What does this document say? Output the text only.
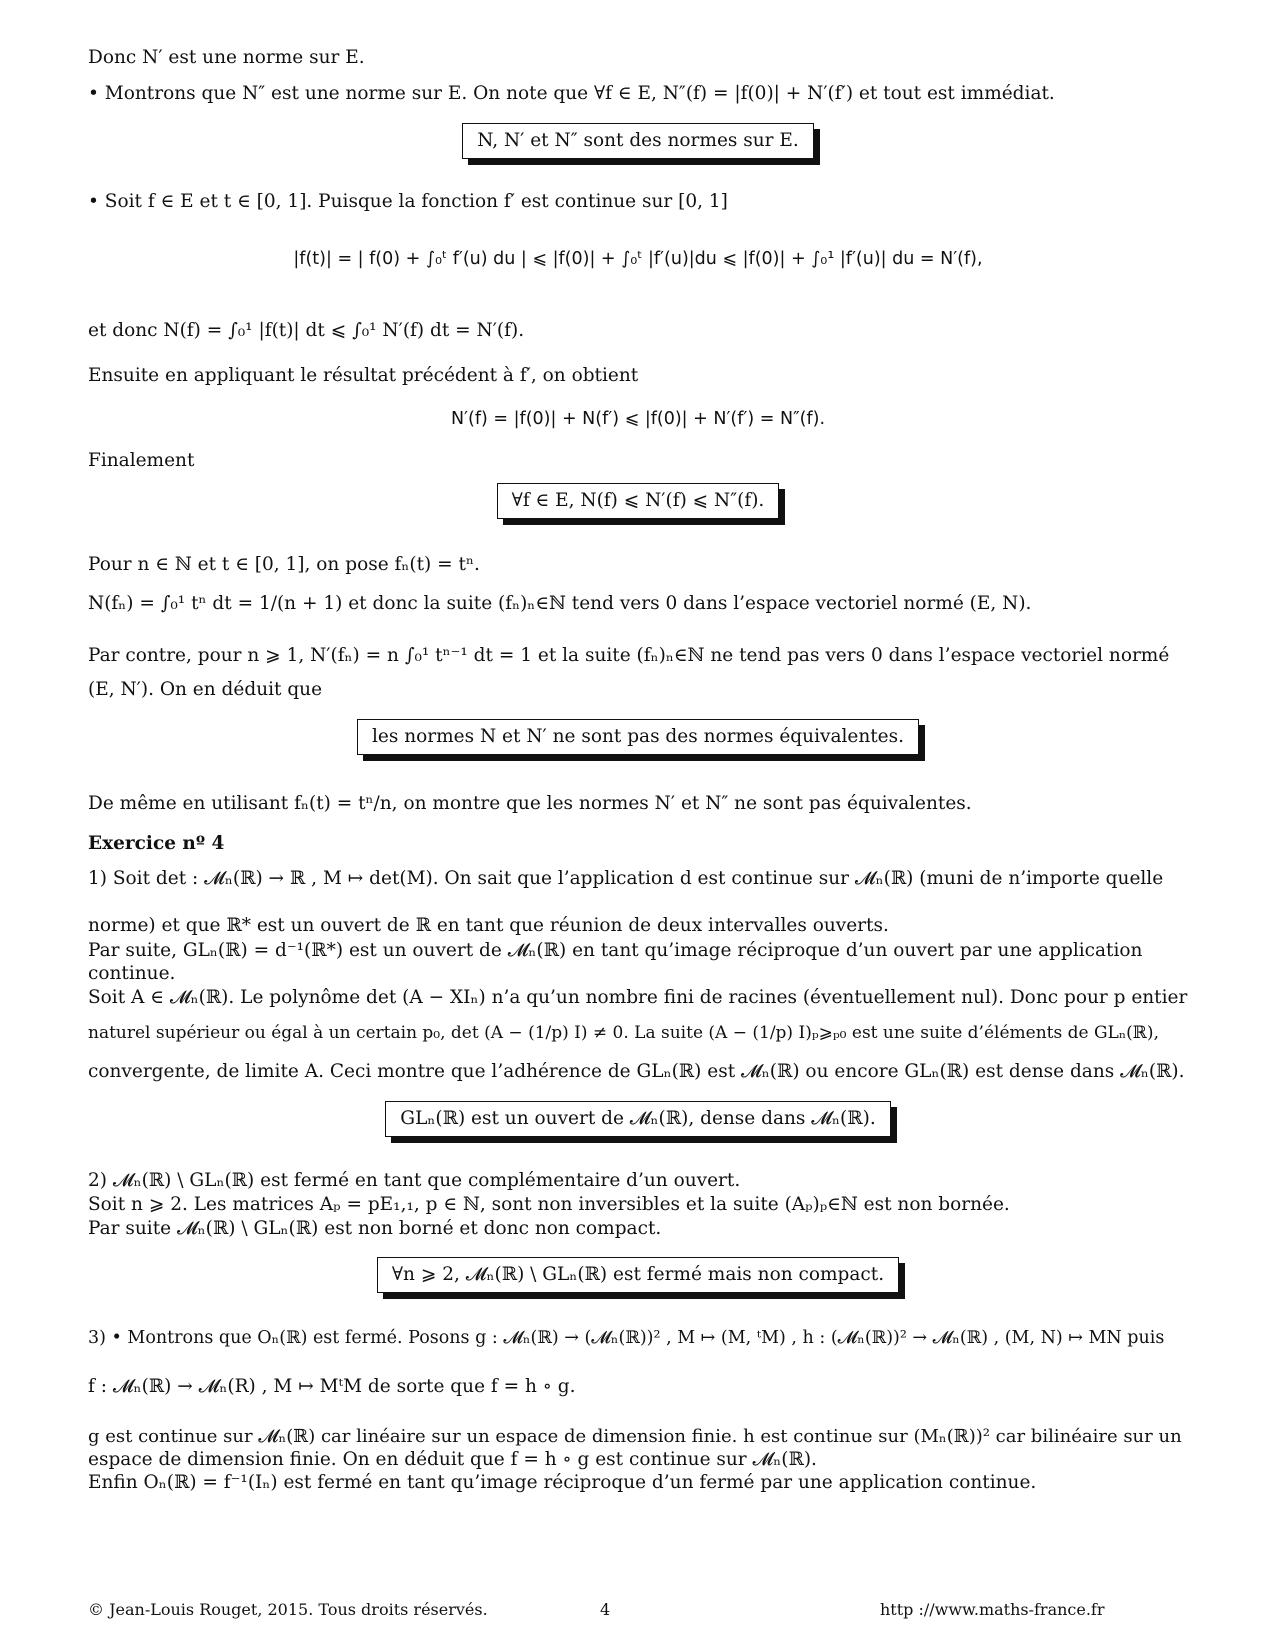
Donc N′ est une norme sur E.
• Montrons que N″ est une norme sur E. On note que ∀f ∈ E, N″(f) = |f(0)| + N′(f′) et tout est immédiat.
N, N′ et N″ sont des normes sur E.
• Soit f ∈ E et t ∈ [0, 1]. Puisque la fonction f′ est continue sur [0, 1]
|f(t)| = | f(0) + ∫₀ᵗ f′(u) du | ⩽ |f(0)| + ∫₀ᵗ |f′(u)|du ⩽ |f(0)| + ∫₀¹ |f′(u)| du = N′(f),
et donc N(f) = ∫₀¹ |f(t)| dt ⩽ ∫₀¹ N′(f) dt = N′(f).
Ensuite en appliquant le résultat précédent à f′, on obtient
N′(f) = |f(0)| + N(f′) ⩽ |f(0)| + N′(f′) = N″(f).
Finalement
∀f ∈ E, N(f) ⩽ N′(f) ⩽ N″(f).
Pour n ∈ ℕ et t ∈ [0, 1], on pose fₙ(t) = tⁿ.
N(fₙ) = ∫₀¹ tⁿ dt = 1/(n + 1) et donc la suite (fₙ)ₙ∈ℕ tend vers 0 dans l’espace vectoriel normé (E, N).
Par contre, pour n ⩾ 1, N′(fₙ) = n ∫₀¹ tⁿ⁻¹ dt = 1 et la suite (fₙ)ₙ∈ℕ ne tend pas vers 0 dans l’espace vectoriel normé
(E, N′). On en déduit que
les normes N et N′ ne sont pas des normes équivalentes.
De même en utilisant fₙ(t) = tⁿ/n, on montre que les normes N′ et N″ ne sont pas équivalentes.
Exercice nº 4
1) Soit det : 𝓜ₙ(ℝ) → ℝ , M ↦ det(M). On sait que l’application d est continue sur 𝓜ₙ(ℝ) (muni de n’importe quelle
norme) et que ℝ* est un ouvert de ℝ en tant que réunion de deux intervalles ouverts.
Par suite, GLₙ(ℝ) = d⁻¹(ℝ*) est un ouvert de 𝓜ₙ(ℝ) en tant qu’image réciproque d’un ouvert par une application
continue.
Soit A ∈ 𝓜ₙ(ℝ). Le polynôme det (A − XIₙ) n’a qu’un nombre fini de racines (éventuellement nul). Donc pour p entier
naturel supérieur ou égal à un certain p₀, det (A − (1/p) I) ≠ 0. La suite (A − (1/p) I)ₚ⩾ₚ₀ est une suite d’éléments de GLₙ(ℝ),
convergente, de limite A. Ceci montre que l’adhérence de GLₙ(ℝ) est 𝓜ₙ(ℝ) ou encore GLₙ(ℝ) est dense dans 𝓜ₙ(ℝ).
GLₙ(ℝ) est un ouvert de 𝓜ₙ(ℝ), dense dans 𝓜ₙ(ℝ).
2) 𝓜ₙ(ℝ) \ GLₙ(ℝ) est fermé en tant que complémentaire d’un ouvert.
Soit n ⩾ 2. Les matrices Aₚ = pE₁,₁, p ∈ ℕ, sont non inversibles et la suite (Aₚ)ₚ∈ℕ est non bornée.
Par suite 𝓜ₙ(ℝ) \ GLₙ(ℝ) est non borné et donc non compact.
∀n ⩾ 2, 𝓜ₙ(ℝ) \ GLₙ(ℝ) est fermé mais non compact.
3) • Montrons que Oₙ(ℝ) est fermé. Posons g : 𝓜ₙ(ℝ) → (𝓜ₙ(ℝ))² , M ↦ (M, ᵗM) , h : (𝓜ₙ(ℝ))² → 𝓜ₙ(ℝ) , (M, N) ↦ MN puis
f : 𝓜ₙ(ℝ) → 𝓜ₙ(R) , M ↦ MᵗM de sorte que f = h ∘ g.
g est continue sur 𝓜ₙ(ℝ) car linéaire sur un espace de dimension finie. h est continue sur (Mₙ(ℝ))² car bilinéaire sur un
espace de dimension finie. On en déduit que f = h ∘ g est continue sur 𝓜ₙ(ℝ).
Enfin Oₙ(ℝ) = f⁻¹(Iₙ) est fermé en tant qu’image réciproque d’un fermé par une application continue.
© Jean-Louis Rouget, 2015. Tous droits réservés.	4	http ://www.maths-france.fr
